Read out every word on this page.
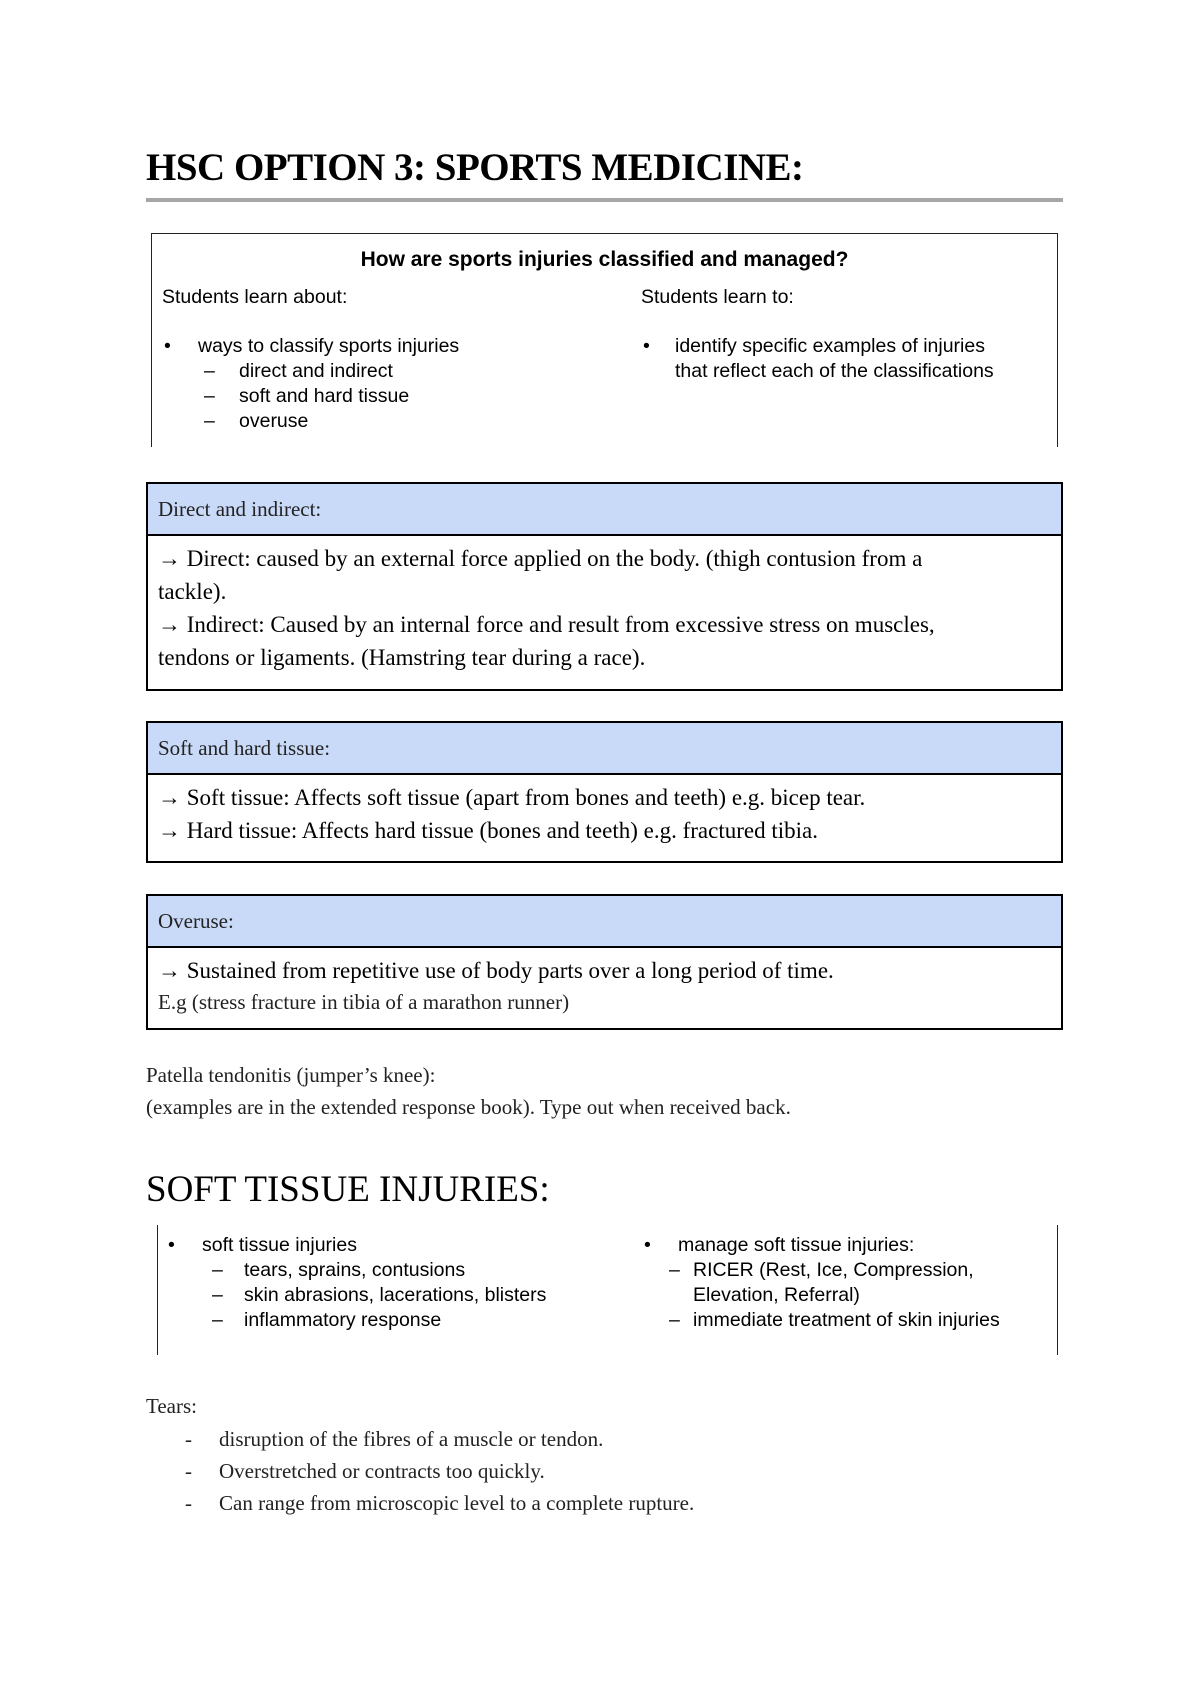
HSC OPTION 3: SPORTS MEDICINE:
How are sports injuries classified and managed?
Students learn about:	Students learn to:
• ways to classify sports injuries
– direct and indirect
– soft and hard tissue
– overuse
• identify specific examples of injuries
that reflect each of the classifications
Direct and indirect:
→ Direct: caused by an external force applied on the body. (thigh contusion from a
tackle).
→ Indirect: Caused by an internal force and result from excessive stress on muscles,
tendons or ligaments. (Hamstring tear during a race).
Soft and hard tissue:
→ Soft tissue: Affects soft tissue (apart from bones and teeth) e.g. bicep tear.
→ Hard tissue: Affects hard tissue (bones and teeth) e.g. fractured tibia.
Overuse:
→ Sustained from repetitive use of body parts over a long period of time.
E.g (stress fracture in tibia of a marathon runner)
Patella tendonitis (jumper’s knee):
(examples are in the extended response book). Type out when received back.
SOFT TISSUE INJURIES:
• soft tissue injuries
– tears, sprains, contusions
– skin abrasions, lacerations, blisters
– inflammatory response
• manage soft tissue injuries:
– RICER (Rest, Ice, Compression,
Elevation, Referral)
– immediate treatment of skin injuries
Tears:
- disruption of the fibres of a muscle or tendon.
- Overstretched or contracts too quickly.
- Can range from microscopic level to a complete rupture.
